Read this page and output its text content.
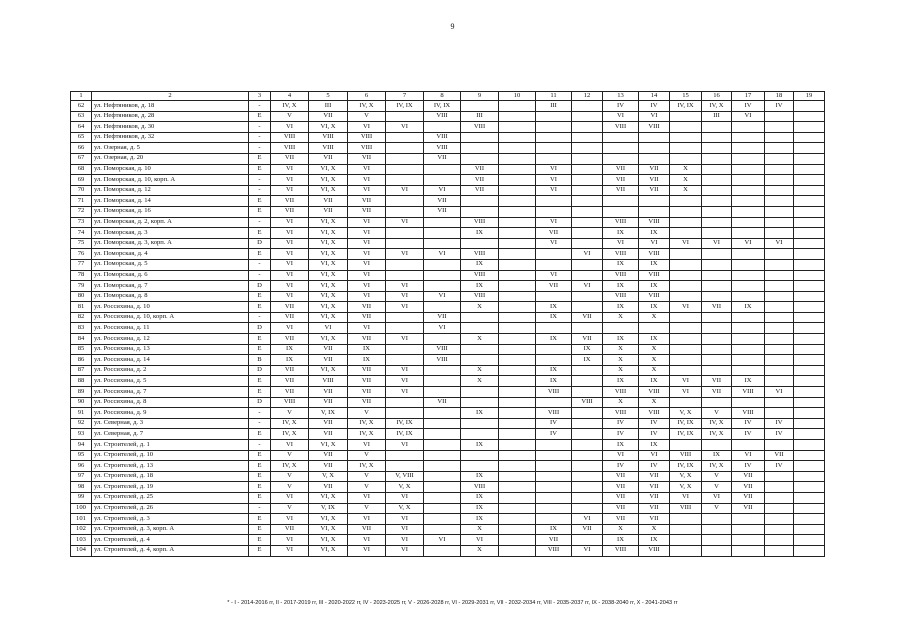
9
1	2	3	4	5	6	7	8	9	10	11	12	13	14	15	16	17	18	19
62	ул. Нефтяников, д. 18	-	IV, X	III	IV, X	IV, IX	IV, IX			III		IV	IV	IV, IX	IV, X	IV	IV	
63	ул. Нефтяников, д. 28	E	V	VII	V		VIII	III				VI	VI		III	VI		
64	ул. Нефтяников, д. 30	-	VI	VI, X	VI	VI		VIII				VIII	VIII					
65	ул. Нефтяников, д. 32	-	VIII	VIII	VIII		VIII											
66	ул. Озерная, д. 5	-	VIII	VIII	VIII		VIII											
67	ул. Озерная, д. 20	E	VII	VII	VII		VII											
68	ул. Поморская, д. 10	E	VI	VI, X	VI			VII		VI		VII	VII	X				
69	ул. Поморская, д. 10, корп. А	-	VI	VI, X	VI			VII		VI		VII	VII	X				
70	ул. Поморская, д. 12	-	VI	VI, X	VI	VI	VI	VII		VI		VII	VII	X				
71	ул. Поморская, д. 14	E	VII	VII	VII		VII											
72	ул. Поморская, д. 16	E	VII	VII	VII		VII											
73	ул. Поморская, д. 2, корп. А	-	VI	VI, X	VI	VI		VIII		VI		VIII	VIII					
74	ул. Поморская, д. 3	E	VI	VI, X	VI			IX		VII		IX	IX					
75	ул. Поморская, д. 3, корп. А	D	VI	VI, X	VI					VI		VI	VI	VI	VI	VI	VI	
76	ул. Поморская, д. 4	E	VI	VI, X	VI	VI	VI	VIII			VI	VIII	VIII					
77	ул. Поморская, д. 5	-	VI	VI, X	VI			IX				IX	IX					
78	ул. Поморская, д. 6	-	VI	VI, X	VI			VIII		VI		VIII	VIII					
79	ул. Поморская, д. 7	D	VI	VI, X	VI	VI		IX		VII	VI	IX	IX					
80	ул. Поморская, д. 8	E	VI	VI, X	VI	VI	VI	VIII				VIII	VIII					
81	ул. Россихина, д. 10	E	VII	VI, X	VII	VI		X		IX		IX	IX	VI	VII	IX		
82	ул. Россихина, д. 10, корп. А	-	VII	VI, X	VII		VII			IX	VII	X	X					
83	ул. Россихина, д. 11	D	VI	VI	VI		VI											
84	ул. Россихина, д. 12	E	VII	VI, X	VII	VI		X		IX	VII	IX	IX					
85	ул. Россихина, д. 13	E	IX	VII	IX		VIII				IX	X	X					
86	ул. Россихина, д. 14	B	IX	VII	IX		VIII				IX	X	X					
87	ул. Россихина, д. 2	D	VII	VI, X	VII	VI		X		IX		X	X					
88	ул. Россихина, д. 5	E	VII	VIII	VII	VI		X		IX		IX	IX	VI	VII	IX		
89	ул. Россихина, д. 7	E	VII	VII	VII	VI				VIII		VIII	VIII	VI	VII	VIII	VI	
90	ул. Россихина, д. 8	D	VIII	VII	VII		VII				VIII	X	X					
91	ул. Россихина, д. 9	-	V	V, IX	V			IX		VIII		VIII	VIII	V, X	V	VIII		
92	ул. Северная, д. 3	-	IV, X	VII	IV, X	IV, IX				IV		IV	IV	IV, IX	IV, X	IV	IV	
93	ул. Северная, д. 7	E	IV, X	VII	IV, X	IV, IX				IV		IV	IV	IV, IX	IV, X	IV	IV	
94	ул. Строителей, д. 1	-	VI	VI, X	VI	VI		IX				IX	IX					
95	ул. Строителей, д. 10	E	V	VII	V							VI	VI	VIII	IX	VI	VII	
96	ул. Строителей, д. 13	E	IV, X	VII	IV, X							IV	IV	IV, IX	IV, X	IV	IV	
97	ул. Строителей, д. 18	E	V	V, X	V	V, VIII		IX				VII	VII	V, X	V	VII		
98	ул. Строителей, д. 19	E	V	VII	V	V, X		VIII				VII	VII	V, X	V	VII		
99	ул. Строителей, д. 25	E	VI	VI, X	VI	VI		IX				VII	VII	VI	VI	VII		
100	ул. Строителей, д. 26	-	V	V, IX	V	V, X		IX				VII	VII	VIII	V	VII		
101	ул. Строителей, д. 3	E	VI	VI, X	VI	VI		IX			VI	VII	VII					
102	ул. Строителей, д. 3, корп. А	E	VII	VI, X	VII	VI		X		IX	VII	X	X					
103	ул. Строителей, д. 4	E	VI	VI, X	VI	VI	VI	VI		VII		IX	IX					
104	ул. Строителей, д. 4, корп. А	E	VI	VI, X	VI	VI		X		VIII	VI	VIII	VIII					
* - I - 2014-2016 гг, II - 2017-2019 гг, III - 2020-2022 гг, IV - 2023-2025 гг, V - 2026-2028 гг, VI - 2029-2031 гг, VII - 2032-2034 гг, VIII - 2035-2037 гг, IX - 2038-2040 гг, X - 2041-2043 гг
